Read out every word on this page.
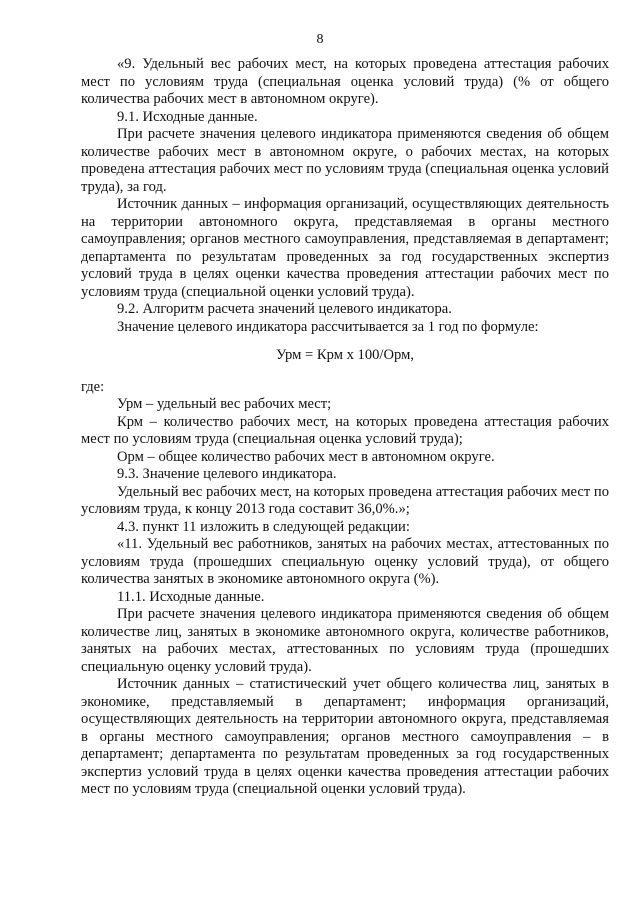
8

«9. Удельный вес рабочих мест, на которых проведена аттестация рабочих мест по условиям труда (специальная оценка условий труда) (% от общего количества рабочих мест в автономном округе).

9.1. Исходные данные.

При расчете значения целевого индикатора применяются сведения об общем количестве рабочих мест в автономном округе, о рабочих местах, на которых проведена аттестация рабочих мест по условиям труда (специальная оценка условий труда), за год.

Источник данных – информация организаций, осуществляющих деятельность на территории автономного округа, представляемая в органы местного самоуправления; органов местного самоуправления, представляемая в департамент; департамента по результатам проведенных за год государственных экспертиз условий труда в целях оценки качества проведения аттестации рабочих мест по условиям труда (специальной оценки условий труда).

9.2. Алгоритм расчета значений целевого индикатора.

Значение целевого индикатора рассчитывается за 1 год по формуле:

Урм = Крм х 100/Орм,

где:

Урм – удельный вес рабочих мест;

Крм – количество рабочих мест, на которых проведена аттестация рабочих мест по условиям труда (специальная оценка условий труда);

Орм – общее количество рабочих мест в автономном округе.

9.3. Значение целевого индикатора.

Удельный вес рабочих мест, на которых проведена аттестация рабочих мест по условиям труда, к концу 2013 года составит 36,0%.»;

4.3. пункт 11 изложить в следующей редакции:

«11. Удельный вес работников, занятых на рабочих местах, аттестованных по условиям труда (прошедших специальную оценку условий труда), от общего количества занятых в экономике автономного округа (%).

11.1. Исходные данные.

При расчете значения целевого индикатора применяются сведения об общем количестве лиц, занятых в экономике автономного округа, количестве работников, занятых на рабочих местах, аттестованных по условиям труда (прошедших специальную оценку условий труда).

Источник данных – статистический учет общего количества лиц, занятых в экономике, представляемый в департамент; информация организаций, осуществляющих деятельность на территории автономного округа, представляемая в органы местного самоуправления; органов местного самоуправления – в департамент; департамента по результатам проведенных за год государственных экспертиз условий труда в целях оценки качества проведения аттестации рабочих мест по условиям труда (специальной оценки условий труда).
